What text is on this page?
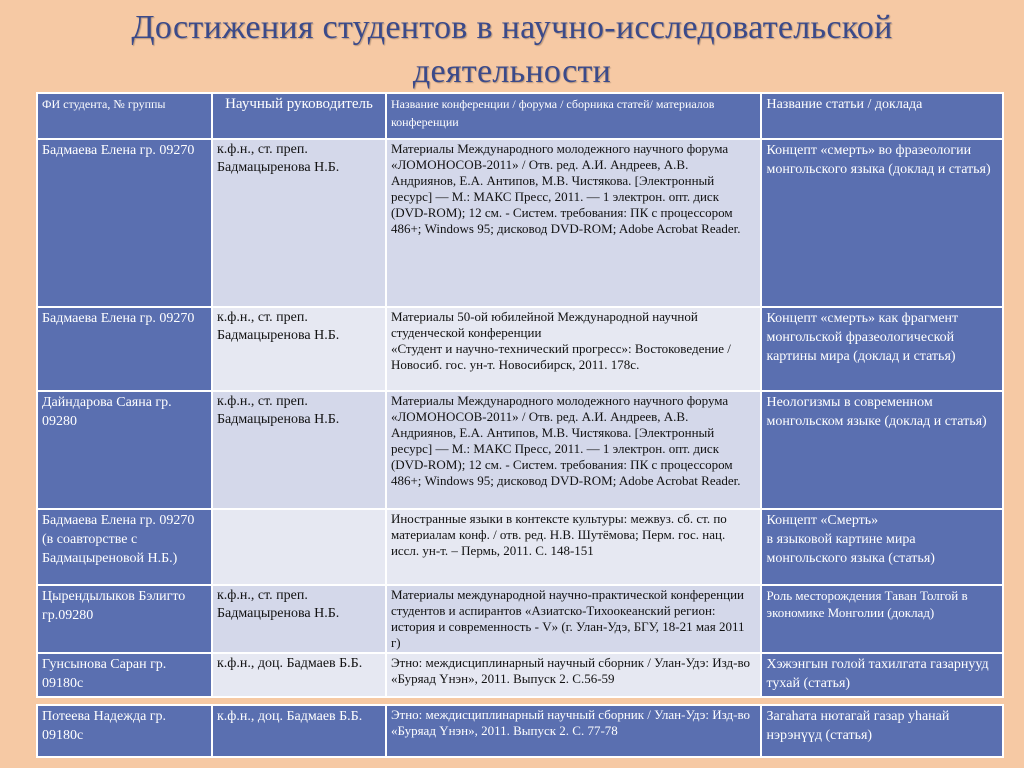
Достижения студентов в научно-исследовательской
деятельности
ФИ студента, № группы	Научный руководитель	Название конференции / форума / сборника статей/ материалов конференции	Название статьи / доклада

Бадмаева Елена гр. 09270	к.ф.н., ст. преп. Бадмацыренова Н.Б.	Материалы Международного молодежного научного форума «ЛОМОНОСОВ-2011» / Отв. ред. А.И. Андреев, А.В. Андриянов, Е.А. Антипов, М.В. Чистякова. [Электронный ресурс] — М.: МАКС Пресс, 2011. — 1 электрон. опт. диск (DVD-ROM); 12 см. - Систем. требования: ПК с процессором 486+; Windows 95; дисковод DVD-ROM; Adobe Acrobat Reader.	Концепт «смерть» во фразеологии монгольского языка (доклад и статья)

Бадмаева Елена гр. 09270	к.ф.н., ст. преп. Бадмацыренова Н.Б.	Материалы 50-ой юбилейной Международной научной студенческой конференции
«Студент и научно-технический прогресс»: Востоковедение / Новосиб. гос. ун-т. Новосибирск, 2011. 178с.	Концепт «смерть» как фрагмент монгольской фразеологической картины мира (доклад и статья)

Дайндарова Саяна гр. 09280	к.ф.н., ст. преп. Бадмацыренова Н.Б.	Материалы Международного молодежного научного форума «ЛОМОНОСОВ-2011» / Отв. ред. А.И. Андреев, А.В. Андриянов, Е.А. Антипов, М.В. Чистякова. [Электронный ресурс] — М.: МАКС Пресс, 2011. — 1 электрон. опт. диск (DVD-ROM); 12 см. - Систем. требования: ПК с процессором 486+; Windows 95; дисковод DVD-ROM; Adobe Acrobat Reader.	Неологизмы в современном монгольском языке (доклад и статья)

Бадмаева Елена гр. 09270 (в соавторстве с Бадмацыреновой Н.Б.)		Иностранные языки в контексте культуры: межвуз. сб. ст. по материалам конф. / отв. ред. Н.В. Шутёмова; Перм. гос. нац. иссл. ун-т. – Пермь, 2011. С. 148-151	Концепт «Смерть»
в языковой картине мира монгольского языка (статья)

Цырендылыков Бэлигто гр.09280	к.ф.н., ст. преп. Бадмацыренова Н.Б.	Материалы международной научно-практической конференции студентов и аспирантов «Азиатско-Тихоокеанский регион: история и современность - V» (г. Улан-Удэ, БГУ, 18-21 мая 2011 г)	Роль месторождения Таван Толгой в экономике Монголии (доклад)

Гунсынова Саран гр. 09180с	к.ф.н., доц. Бадмаев Б.Б.	Этно: междисциплинарный научный сборник / Улан-Удэ: Изд-во «Буряад Үнэн», 2011. Выпуск 2. С.56-59	Хэжэнгын голой тахилгата газарнууд тухай (статья)

Потеева Надежда гр. 09180с	к.ф.н., доц. Бадмаев Б.Б.	Этно: междисциплинарный научный сборник / Улан-Удэ: Изд-во «Буряад Үнэн», 2011. Выпуск 2. С. 77-78	Загаhата нютагай газар уhанай нэрэнүүд (статья)
